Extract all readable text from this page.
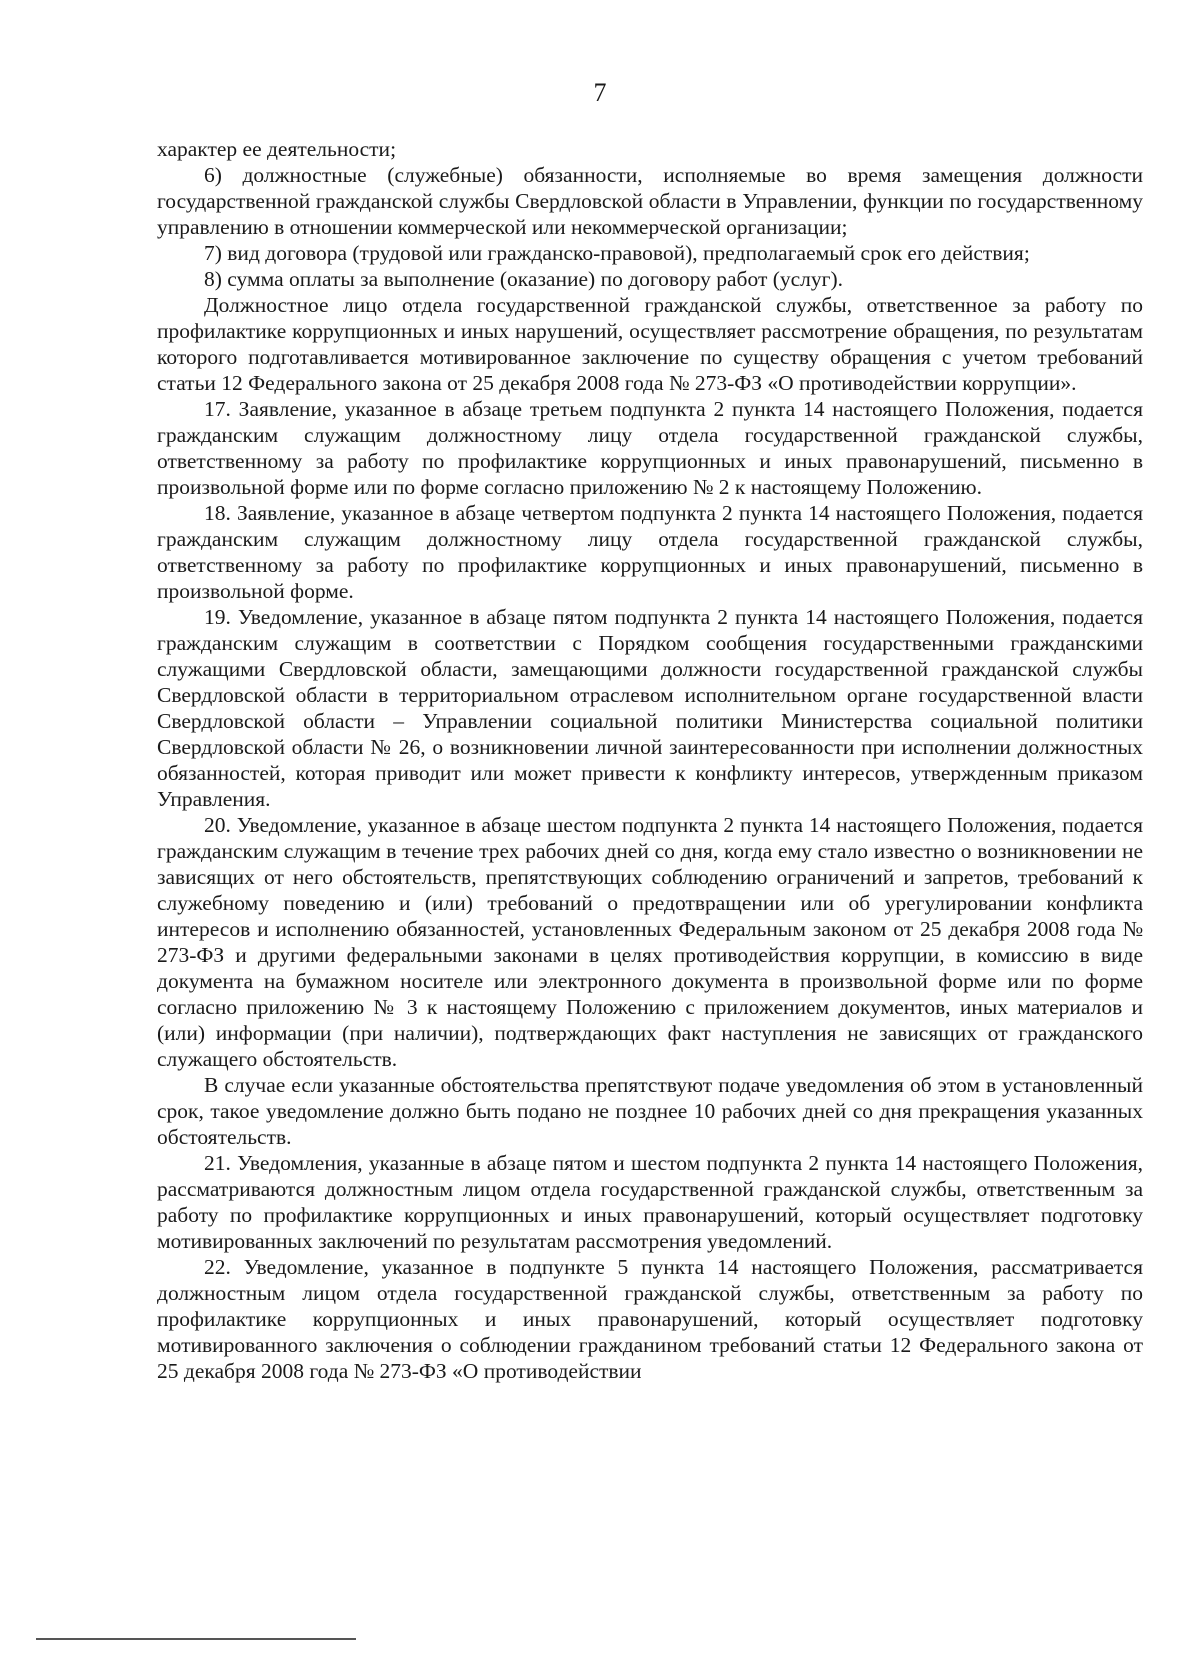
7

характер ее деятельности;

6) должностные (служебные) обязанности, исполняемые во время замещения должности государственной гражданской службы Свердловской области в Управлении, функции по государственному управлению в отношении коммерческой или некоммерческой организации;

7) вид договора (трудовой или гражданско-правовой), предполагаемый срок его действия;

8) сумма оплаты за выполнение (оказание) по договору работ (услуг).

Должностное лицо отдела государственной гражданской службы, ответственное за работу по профилактике коррупционных и иных нарушений, осуществляет рассмотрение обращения, по результатам которого подготавливается мотивированное заключение по существу обращения с учетом требований статьи 12 Федерального закона от 25 декабря 2008 года № 273-ФЗ «О противодействии коррупции».

17. Заявление, указанное в абзаце третьем подпункта 2 пункта 14 настоящего Положения, подается гражданским служащим должностному лицу отдела государственной гражданской службы, ответственному за работу по профилактике коррупционных и иных правонарушений, письменно в произвольной форме или по форме согласно приложению № 2 к настоящему Положению.

18. Заявление, указанное в абзаце четвертом подпункта 2 пункта 14 настоящего Положения, подается гражданским служащим должностному лицу отдела государственной гражданской службы, ответственному за работу по профилактике коррупционных и иных правонарушений, письменно в произвольной форме.

19. Уведомление, указанное в абзаце пятом подпункта 2 пункта 14 настоящего Положения, подается гражданским служащим в соответствии с Порядком сообщения государственными гражданскими служащими Свердловской области, замещающими должности государственной гражданской службы Свердловской области в территориальном отраслевом исполнительном органе государственной власти Свердловской области – Управлении социальной политики Министерства социальной политики Свердловской области № 26, о возникновении личной заинтересованности при исполнении должностных обязанностей, которая приводит или может привести к конфликту интересов, утвержденным приказом Управления.

20. Уведомление, указанное в абзаце шестом подпункта 2 пункта 14 настоящего Положения, подается гражданским служащим в течение трех рабочих дней со дня, когда ему стало известно о возникновении не зависящих от него обстоятельств, препятствующих соблюдению ограничений и запретов, требований к служебному поведению и (или) требований о предотвращении или об урегулировании конфликта интересов и исполнению обязанностей, установленных Федеральным законом от 25 декабря 2008 года № 273-ФЗ и другими федеральными законами в целях противодействия коррупции, в комиссию в виде документа на бумажном носителе или электронного документа в произвольной форме или по форме согласно приложению № 3 к настоящему Положению с приложением документов, иных материалов и (или) информации (при наличии), подтверждающих факт наступления не зависящих от гражданского служащего обстоятельств.

В случае если указанные обстоятельства препятствуют подаче уведомления об этом в установленный срок, такое уведомление должно быть подано не позднее 10 рабочих дней со дня прекращения указанных обстоятельств.

21. Уведомления, указанные в абзаце пятом и шестом подпункта 2 пункта 14 настоящего Положения, рассматриваются должностным лицом отдела государственной гражданской службы, ответственным за работу по профилактике коррупционных и иных правонарушений, который осуществляет подготовку мотивированных заключений по результатам рассмотрения уведомлений.

22. Уведомление, указанное в подпункте 5 пункта 14 настоящего Положения, рассматривается должностным лицом отдела государственной гражданской службы, ответственным за работу по профилактике коррупционных и иных правонарушений, который осуществляет подготовку мотивированного заключения о соблюдении гражданином требований статьи 12 Федерального закона от 25 декабря 2008 года № 273-ФЗ «О противодействии
